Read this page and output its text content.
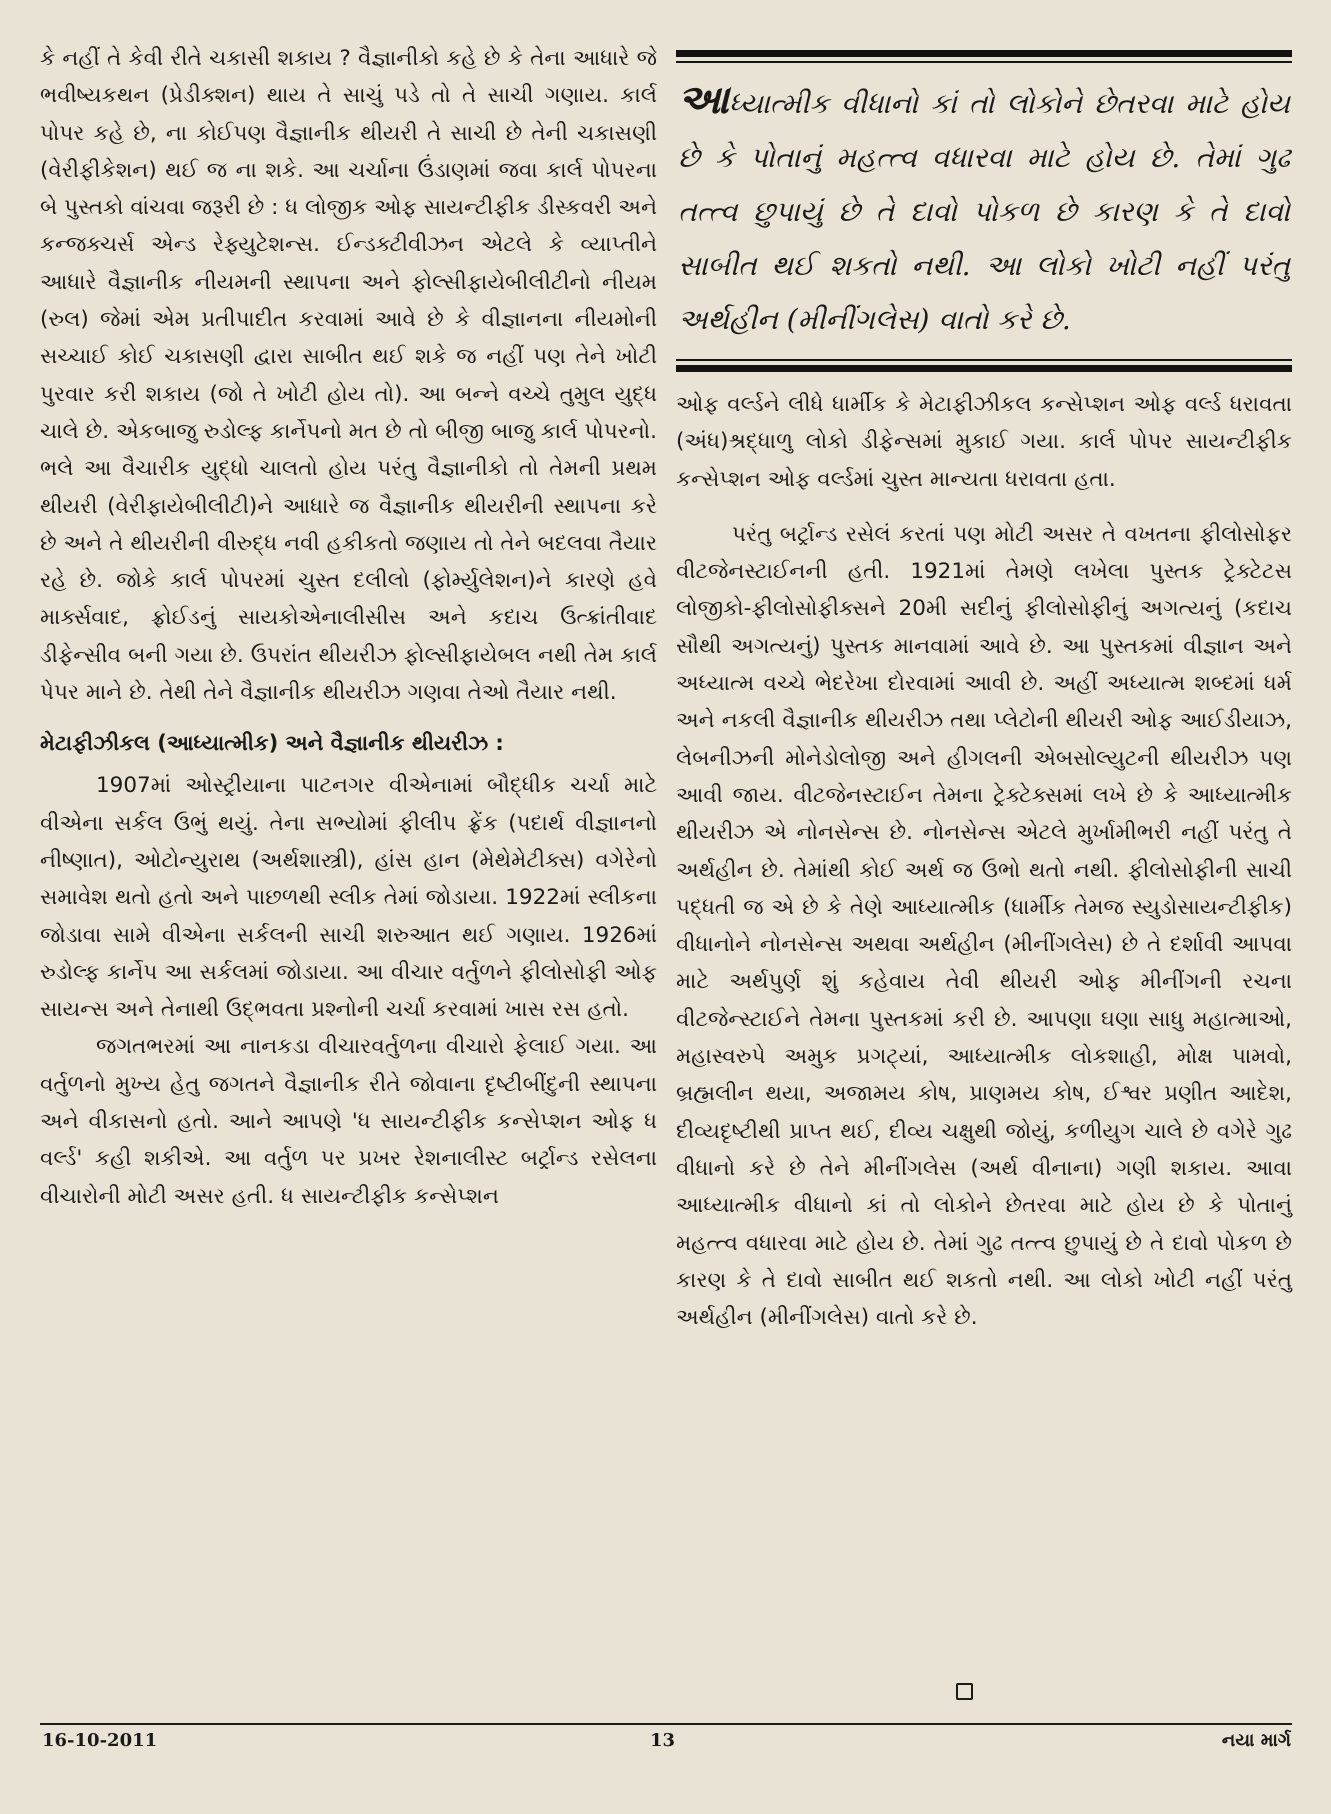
કે નહીં તે કેવી રીતે ચકાસી શકાય ? વૈજ્ઞાનીકો કહે છે કે તેના આધારે જે ભવીષ્યકથન (પ્રેડીક્શન) થાય તે સાચું પડે તો તે સાચી ગણાય. કાર્લ પોપર કહે છે, ના કોઈપણ વૈજ્ઞાનીક થીયરી તે સાચી છે તેની ચકાસણી (વેરીફીકેશન) થઈ જ ના શકે. આ ચર્ચાના ઉંડાણમાં જવા કાર્લ પોપરના બે પુસ્તકો વાંચવા જરૂરી છે : ધ લોજીક ઓફ સાયન્ટીફીક ડીસ્કવરી અને કન્જક્ચર્સ એન્ડ રેફ્યુટેશન્સ. ઈન્ડક્ટીવીઝન એટલે કે વ્યાપ્તીને આધારે વૈજ્ઞાનીક નીયમની સ્થાપના અને ફોલ્સીફાયેબીલીટીનો નીયમ (રુલ) જેમાં એમ પ્રતીપાદીત કરવામાં આવે છે કે વીજ્ઞાનના નીયમોની સચ્ચાઈ કોઈ ચકાસણી દ્વારા સાબીત થઈ શકે જ નહીં પણ તેને ખોટી પુરવાર કરી શકાય (જો તે ખોટી હોય તો). આ બન્ને વચ્ચે તુમુલ યુદ્ધ ચાલે છે. એકબાજુ રુડોલ્ફ કાર્નેપનો મત છે તો બીજી બાજુ કાર્લ પોપરનો. ભલે આ વૈચારીક યુદ્ધો ચાલતો હોય પરંતુ વૈજ્ઞાનીકો તો તેમની પ્રથમ થીયરી (વેરીફાયેબીલીટી)ને આધારે જ વૈજ્ઞાનીક થીયરીની સ્થાપના કરે છે અને તે થીયરીની વીરુદ્ધ નવી હકીકતો જણાય તો તેને બદલવા તૈયાર રહે છે. જોકે કાર્લ પોપરમાં ચુસ્ત દલીલો (ફોર્મ્યુલેશન)ને કારણે હવે માર્ક્સવાદ, ફ્રોઈડનું સાયકોએનાલીસીસ અને કદાચ ઉત્ક્રાંતીવાદ ડીફેન્સીવ બની ગયા છે. ઉપરાંત થીયરીઝ ફોલ્સીફાયેબલ નથી તેમ કાર્લ પેપર માને છે. તેથી તેને વૈજ્ઞાનીક થીયરીઝ ગણવા તેઓ તૈયાર નથી.

મેટાફીઝીકલ (આધ્યાત્મીક) અને વૈજ્ઞાનીક થીયરીઝ :

1907માં ઓસ્ટ્રીયાના પાટનગર વીએનામાં બૌદ્ધીક ચર્ચા માટે વીએના સર્કલ ઉભું થયું. તેના સભ્યોમાં ફીલીપ ફ્રેંક (પદાર્થ વીજ્ઞાનનો નીષ્ણાત), ઓટોન્યુરાથ (અર્થશાસ્ત્રી), હાંસ હાન (મેથેમેટીક્સ) વગેરેનો સમાવેશ થતો હતો અને પાછળથી સ્લીક તેમાં જોડાયા. 1922માં સ્લીકના જોડાવા સામે વીએના સર્કલની સાચી શરુઆત થઈ ગણાય. 1926માં રુડોલ્ફ કાર્નેપ આ સર્કલમાં જોડાયા. આ વીચાર વર્તુળને ફીલોસોફી ઓફ સાયન્સ અને તેનાથી ઉદ્‌ભવતા પ્રશ્નોની ચર્ચા કરવામાં ખાસ રસ હતો.

જગતભરમાં આ નાનકડા વીચારવર્તુળના વીચારો ફેલાઈ ગયા. આ વર્તુળનો મુખ્ય હેતુ જગતને વૈજ્ઞાનીક રીતે જોવાના દૃષ્ટીબીંદુની સ્થાપના અને વીકાસનો હતો. આને આપણે 'ધ સાયન્ટીફીક કન્સેપ્શન ઓફ ધ વર્લ્ડ' કહી શકીએ. આ વર્તુળ પર પ્રખર રેશનાલીસ્ટ બર્ટ્રાન્ડ રસેલના વીચારોની મોટી અસર હતી. ધ સાયન્ટીફીક કન્સેપ્શન

આધ્યાત્મીક વીધાનો કાં તો લોકોને છેતરવા માટે હોય છે કે પોતાનું મહત્ત્વ વધારવા માટે હોય છે. તેમાં ગુઢ તત્ત્વ છુપાયું છે તે દાવો પોકળ છે કારણ કે તે દાવો સાબીત થઈ શકતો નથી. આ લોકો ખોટી નહીં પરંતુ અર્થહીન (મીનીંગલેસ) વાતો કરે છે.

ઓફ વર્લ્ડને લીધે ધાર્મીક કે મેટાફીઝીકલ કન્સેપ્શન ઓફ વર્લ્ડ ધરાવતા (અંધ)શ્રદ્ધાળુ લોકો ડીફેન્સમાં મુકાઈ ગયા. કાર્લ પોપર સાયન્ટીફીક કન્સેપ્શન ઓફ વર્લ્ડમાં ચુસ્ત માન્યતા ધરાવતા હતા.

પરંતુ બર્ટ્રાન્ડ રસેલં કરતાં પણ મોટી અસર તે વખતના ફીલોસોફર વીટજેનસ્ટાઈનની હતી. 1921માં તેમણે લખેલા પુસ્તક ટ્રેક્ટેટસ લોજીકો-ફીલોસોફીક્સને 20મી સદીનું ફીલોસોફીનું અગત્યનું (કદાચ સૌથી અગત્યનું) પુસ્તક માનવામાં આવે છે. આ પુસ્તકમાં વીજ્ઞાન અને અધ્યાત્મ વચ્ચે ભેદરેખા દોરવામાં આવી છે. અહીં અધ્યાત્મ શબ્દમાં ધર્મ અને નકલી વૈજ્ઞાનીક થીયરીઝ તથા પ્લેટોની થીયરી ઓફ આઈડીયાઝ, લેબનીઝની મોનેડોલોજી અને હીગલની એબસોલ્યુટની થીયરીઝ પણ આવી જાય. વીટજેનસ્ટાઈન તેમના ટ્રેક્ટેક્સમાં લખે છે કે આધ્યાત્મીક થીયરીઝ એ નોનસેન્સ છે. નોનસેન્સ એટલે મુર્ખામીભરી નહીં પરંતુ તે અર્થહીન છે. તેમાંથી કોઈ અર્થ જ ઉભો થતો નથી. ફીલોસોફીની સાચી પદ્ધતી જ એ છે કે તેણે આધ્યાત્મીક (ધાર્મીક તેમજ સ્યુડોસાયન્ટીફીક) વીધાનોને નોનસેન્સ અથવા અર્થહીન (મીનીંગલેસ) છે તે દર્શાવી આપવા માટે અર્થપુર્ણ શું કહેવાય તેવી થીયરી ઓફ મીનીંગની રચના વીટજેન્સ્ટાઈને તેમના પુસ્તકમાં કરી છે. આપણા ઘણા સાધુ મહાત્માઓ, મહાસ્વરુપે અમુક પ્રગટ્યાં, આધ્યાત્મીક લોકશાહી, મોક્ષ પામવો, બ્રહ્મલીન થયા, અજામય કોષ, પ્રાણમય કોષ, ઈશ્વર પ્રણીત આદેશ, દીવ્યદૃષ્ટીથી પ્રાપ્ત થઈ, દીવ્ય ચક્ષુથી જોયું, કળીયુગ ચાલે છે વગેરે ગુઢ વીધાનો કરે છે તેને મીનીંગલેસ (અર્થ વીનાના) ગણી શકાય. આવા આધ્યાત્મીક વીધાનો કાં તો લોકોને છેતરવા માટે હોય છે કે પોતાનું મહત્ત્વ વધારવા માટે હોય છે. તેમાં ગુઢ તત્ત્વ છુપાયું છે તે દાવો પોકળ છે કારણ કે તે દાવો સાબીત થઈ શકતો નથી. આ લોકો ખોટી નહીં પરંતુ અર્થહીન (મીનીંગલેસ) વાતો કરે છે.

16-10-2011	13	નયા માર્ગ
